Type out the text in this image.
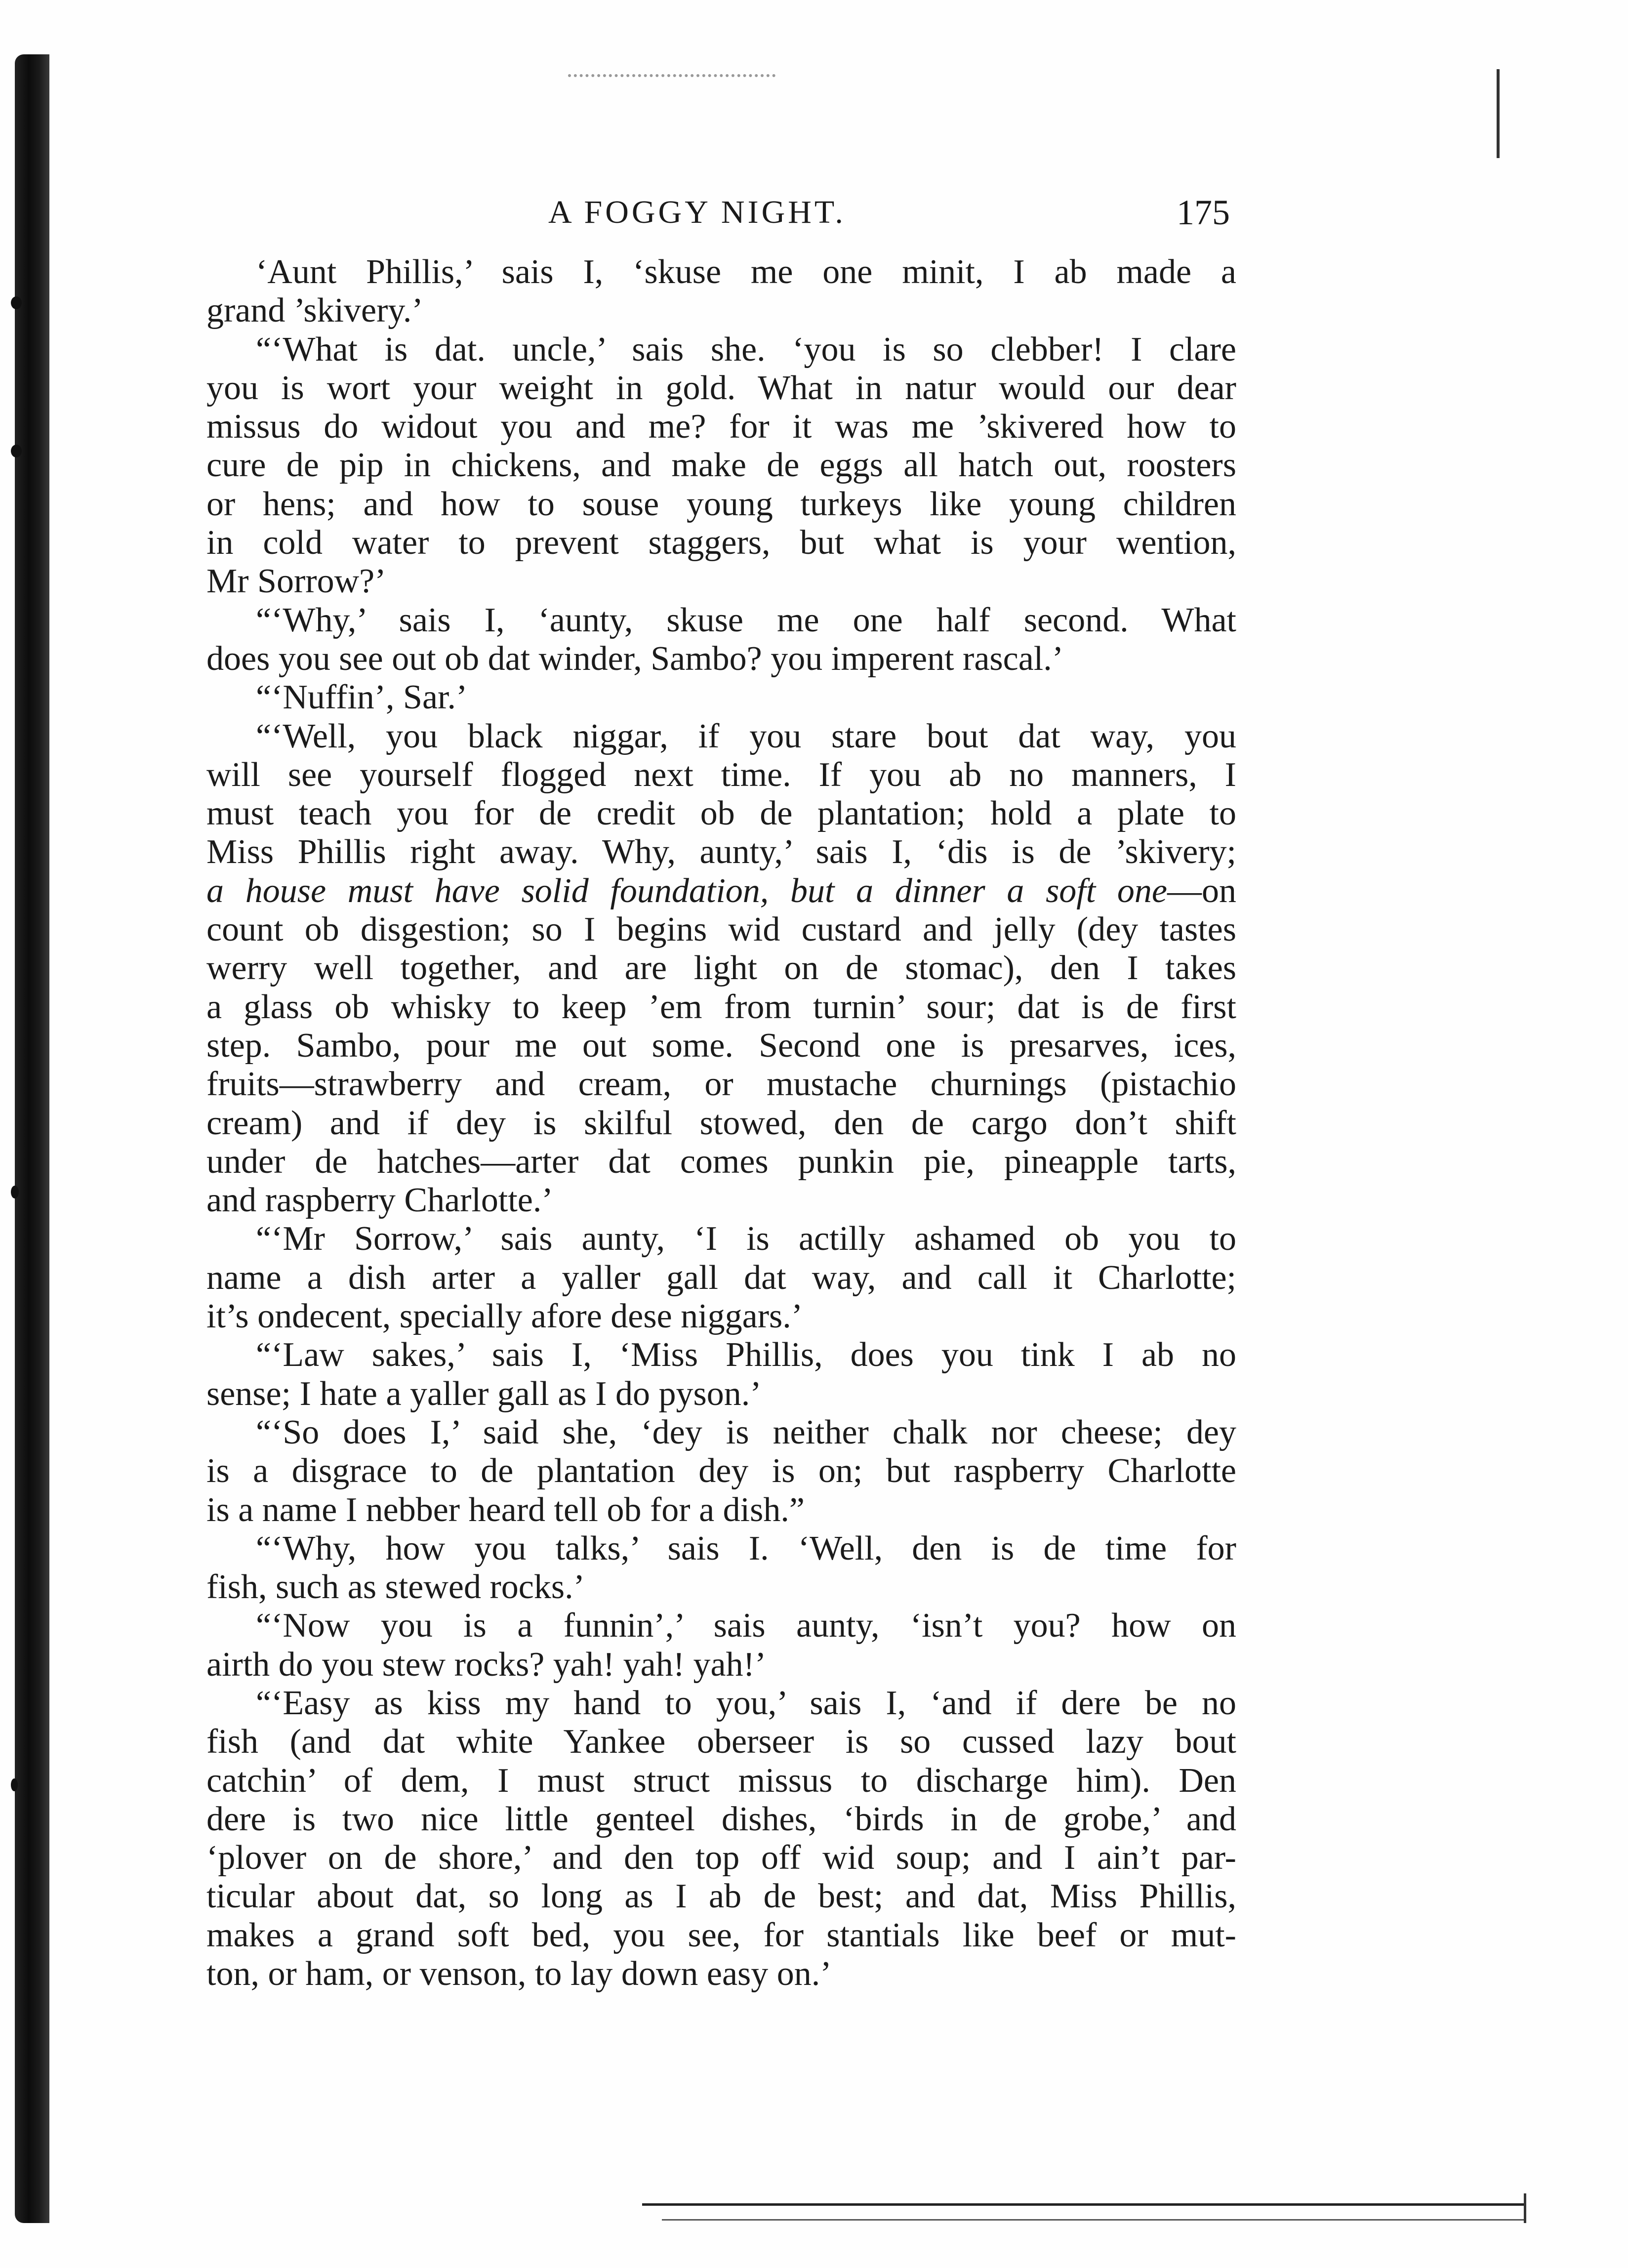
A FOGGY NIGHT.	175
‘Aunt Phillis,’ sais I, ‘skuse me one minit, I ab made a
grand ’skivery.’
“‘What is dat. uncle,’ sais she. ‘you is so clebber! I clare
you is wort your weight in gold. What in natur would our dear
missus do widout you and me? for it was me ’skivered how to
cure de pip in chickens, and make de eggs all hatch out, roosters
or hens; and how to souse young turkeys like young children
in cold water to prevent staggers, but what is your wention,
Mr Sorrow?’
“‘Why,’ sais I, ‘aunty, skuse me one half second. What
does you see out ob dat winder, Sambo? you imperent rascal.’
“‘Nuffin’, Sar.’
“‘Well, you black niggar, if you stare bout dat way, you
will see yourself flogged next time. If you ab no manners, I
must teach you for de credit ob de plantation; hold a plate to
Miss Phillis right away. Why, aunty,’ sais I, ‘dis is de ’skivery;
a house must have solid foundation, but a dinner a soft one—on
count ob disgestion; so I begins wid custard and jelly (dey tastes
werry well together, and are light on de stomac), den I takes
a glass ob whisky to keep ’em from turnin’ sour; dat is de first
step. Sambo, pour me out some. Second one is presarves, ices,
fruits—strawberry and cream, or mustache churnings (pistachio
cream) and if dey is skilful stowed, den de cargo don’t shift
under de hatches—arter dat comes punkin pie, pineapple tarts,
and raspberry Charlotte.’
“‘Mr Sorrow,’ sais aunty, ‘I is actilly ashamed ob you to
name a dish arter a yaller gall dat way, and call it Charlotte;
it’s ondecent, specially afore dese niggars.’
“‘Law sakes,’ sais I, ‘Miss Phillis, does you tink I ab no
sense; I hate a yaller gall as I do pyson.’
“‘So does I,’ said she, ‘dey is neither chalk nor cheese; dey
is a disgrace to de plantation dey is on; but raspberry Charlotte
is a name I nebber heard tell ob for a dish.”
“‘Why, how you talks,’ sais I. ‘Well, den is de time for
fish, such as stewed rocks.’
“‘Now you is a funnin’,’ sais aunty, ‘isn’t you? how on
airth do you stew rocks? yah! yah! yah!’
“‘Easy as kiss my hand to you,’ sais I, ‘and if dere be no
fish (and dat white Yankee oberseer is so cussed lazy bout
catchin’ of dem, I must struct missus to discharge him). Den
dere is two nice little genteel dishes, ‘birds in de grobe,’ and
‘plover on de shore,’ and den top off wid soup; and I ain’t par-
ticular about dat, so long as I ab de best; and dat, Miss Phillis,
makes a grand soft bed, you see, for stantials like beef or mut-
ton, or ham, or venson, to lay down easy on.’
